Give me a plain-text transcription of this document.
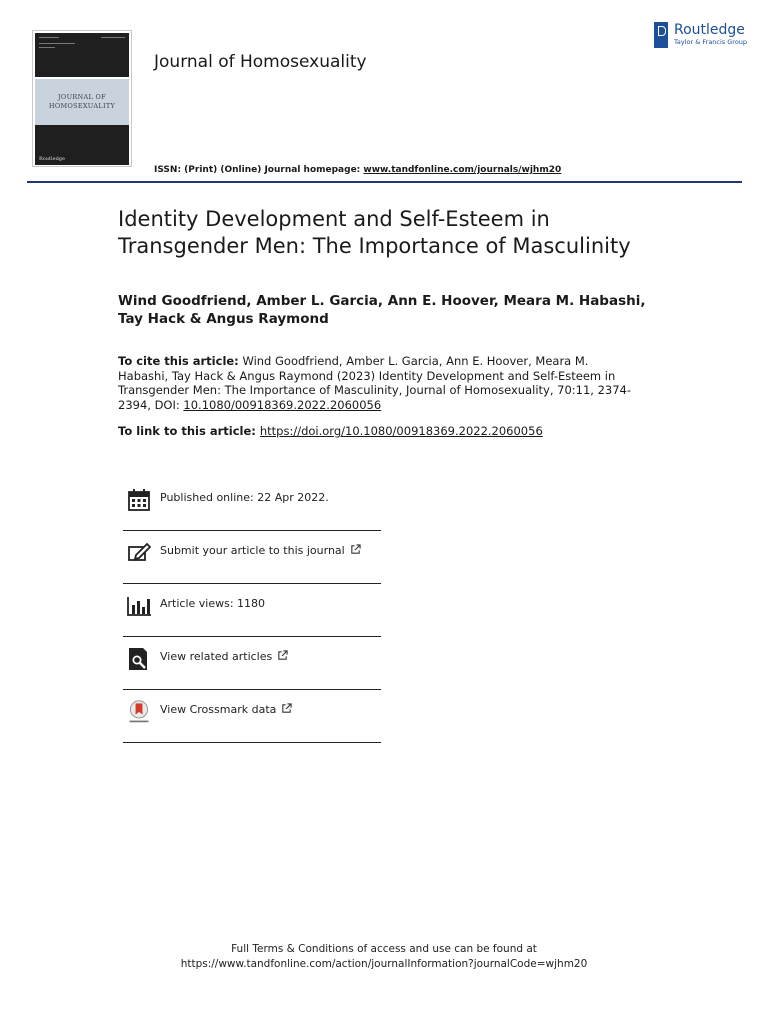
JOURNAL OF
HOMOSEXUALITY
Routledge
Journal of Homosexuality
Routledge
Taylor & Francis Group
ISSN: (Print) (Online) Journal homepage: www.tandfonline.com/journals/wjhm20
Identity Development and Self-Esteem in Transgender Men: The Importance of Masculinity
Wind Goodfriend, Amber L. Garcia, Ann E. Hoover, Meara M. Habashi, Tay Hack & Angus Raymond
To cite this article: Wind Goodfriend, Amber L. Garcia, Ann E. Hoover, Meara M. Habashi, Tay Hack & Angus Raymond (2023) Identity Development and Self-Esteem in Transgender Men: The Importance of Masculinity, Journal of Homosexuality, 70:11, 2374-2394, DOI: 10.1080/00918369.2022.2060056
To link to this article: https://doi.org/10.1080/00918369.2022.2060056
Published online: 22 Apr 2022.
Submit your article to this journal
Article views: 1180
View related articles
View Crossmark data
Full Terms & Conditions of access and use can be found at
https://www.tandfonline.com/action/journalInformation?journalCode=wjhm20
